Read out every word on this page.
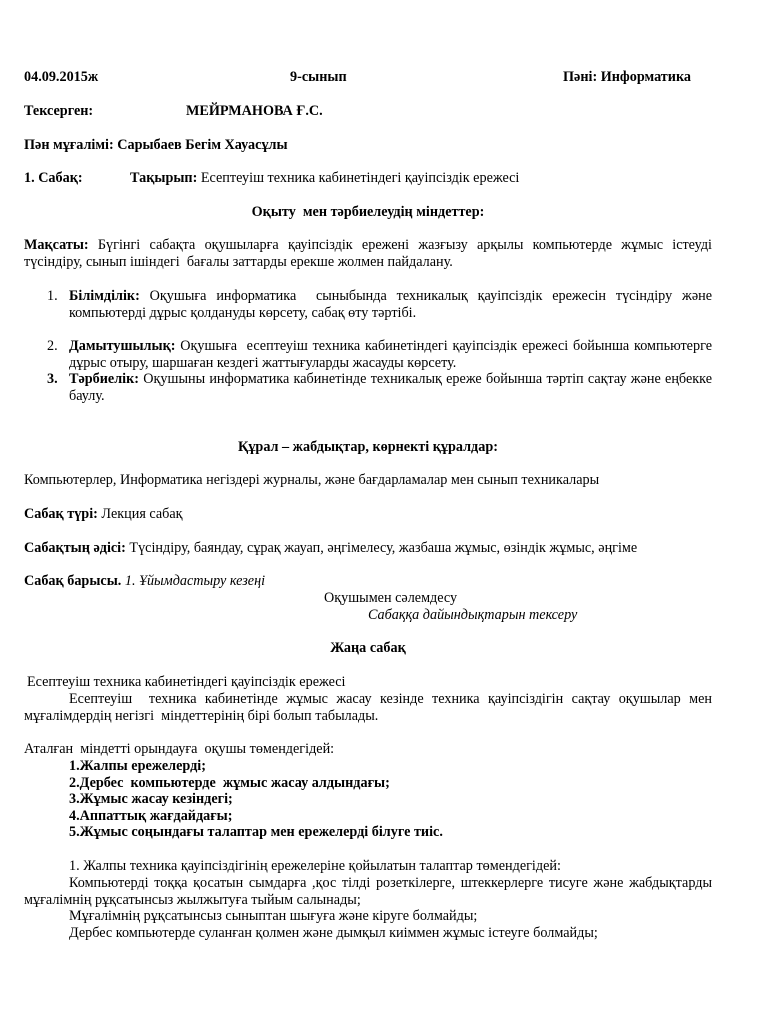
04.09.2015ж	9-сынып	Пәні: Информатика
Тексерген:	МЕЙРМАНОВА Ғ.С.
Пән мұғалімі: Сарыбаев Бегім Хауасұлы
1. Сабақ:	Тақырып: Есептеуіш техника кабинетіндегі қауіпсіздік ережесі
Оқыту  мен тәрбиелеудің міндеттер:
Мақсаты: Бүгінгі сабақта оқушыларға қауіпсіздік ережені жазғызу арқылы компьютерде жұмыс істеуді түсіндіру, сынып ішіндегі  бағалы заттарды ерекше жолмен пайдалану.
1. Білімділік: Оқушыға информатика  сыныбында техникалық қауіпсіздік ережесін түсіндіру және компьютерді дұрыс қолдануды көрсету, сабақ өту тәртібі.
2. Дамытушылық: Оқушыға  есептеуіш техника кабинетіндегі қауіпсіздік ережесі бойынша компьютерге дұрыс отыру, шаршаған кездегі жаттығуларды жасауды көрсету.
3. Тәрбиелік: Оқушыны информатика кабинетінде техникалық ереже бойынша тәртіп сақтау және еңбекке баулу.
Құрал – жабдықтар, көрнекті құралдар:
Компьютерлер, Информатика негіздері журналы, және бағдарламалар мен сынып техникалары
Сабақ түрі: Лекция сабақ
Сабақтың әдісі: Түсіндіру, баяндау, сұрақ жауап, әңгімелесу, жазбаша жұмыс, өзіндік жұмыс, әңгіме
Сабақ барысы. 1. Ұйымдастыру кезеңі
Оқушымен сәлемдесу
Сабаққа дайындықтарын тексеру
Жаңа сабақ
Есептеуіш техника кабинетіндегі қауіпсіздік ережесі
Есептеуіш  техника кабинетінде жұмыс жасау кезінде техника қауіпсіздігін сақтау оқушылар мен мұғалімдердің негізгі  міндеттерінің бірі болып табылады.
Аталған  міндетті орындауға  оқушы төмендегідей:
1.Жалпы ережелерді;
2.Дербес  компьютерде  жұмыс жасау алдындағы;
3.Жұмыс жасау кезіндегі;
4.Аппаттық жағдайдағы;
5.Жұмыс соңындағы талаптар мен ережелерді білуге тиіс.
1. Жалпы техника қауіпсіздігінің ережелеріне қойылатын талаптар төмендегідей:
Компьютерді тоққа қосатын сымдарға ,қос тілді розеткілерге, штеккерлерге тисуге және жабдықтарды мұғалімнің рұқсатынсыз жылжытуға тыйым салынады;
Мұғалімнің рұқсатынсыз сыныптан шығуға және кіруге болмайды;
Дербес компьютерде суланған қолмен және дымқыл киіммен жұмыс істеуге болмайды;
